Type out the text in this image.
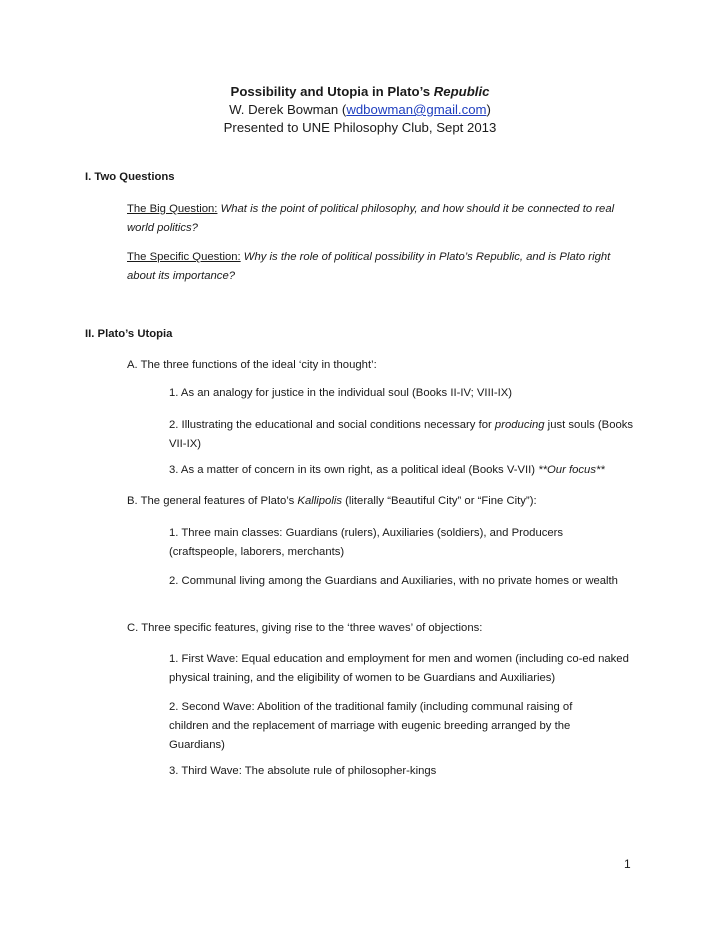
Possibility and Utopia in Plato’s Republic
W. Derek Bowman (wdbowman@gmail.com)
Presented to UNE Philosophy Club, Sept 2013
I. Two Questions
The Big Question: What is the point of political philosophy, and how should it be connected to real world politics?
The Specific Question: Why is the role of political possibility in Plato’s Republic, and is Plato right about its importance?
II. Plato’s Utopia
A. The three functions of the ideal ‘city in thought’:
1. As an analogy for justice in the individual soul (Books II-IV; VIII-IX)
2. Illustrating the educational and social conditions necessary for producing just souls (Books VII-IX)
3. As a matter of concern in its own right, as a political ideal (Books V-VII) **Our focus**
B. The general features of Plato’s Kallipolis (literally “Beautiful City” or “Fine City”):
1. Three main classes: Guardians (rulers), Auxiliaries (soldiers), and Producers (craftspeople, laborers, merchants)
2. Communal living among the Guardians and Auxiliaries, with no private homes or wealth
C. Three specific features, giving rise to the ‘three waves’ of objections:
1. First Wave: Equal education and employment for men and women (including co-ed naked physical training, and the eligibility of women to be Guardians and Auxiliaries)
2. Second Wave: Abolition of the traditional family (including communal raising of children and the replacement of marriage with eugenic breeding arranged by the Guardians)
3. Third Wave: The absolute rule of philosopher-kings
1
